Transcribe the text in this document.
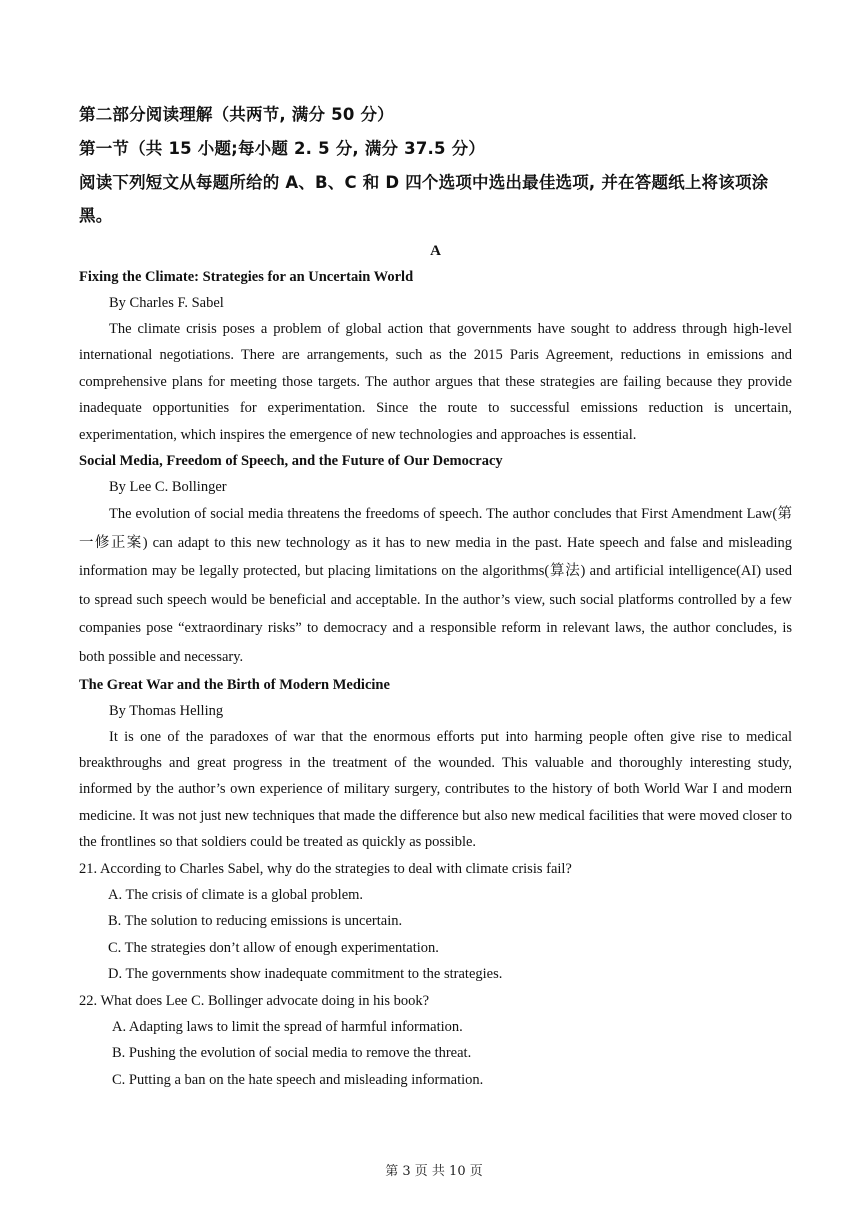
第二部分阅读理解（共两节, 满分 50 分）

第一节（共 15 小题;每小题 2. 5 分, 满分 37.5 分）

阅读下列短文从每题所给的 A、B、C 和 D 四个选项中选出最佳选项, 并在答题纸上将该项涂黑。

A

Fixing the Climate: Strategies for an Uncertain World

By Charles F. Sabel

The climate crisis poses a problem of global action that governments have sought to address through high-level international negotiations. There are arrangements, such as the 2015 Paris Agreement, reductions in emissions and comprehensive plans for meeting those targets. The author argues that these strategies are failing because they provide inadequate opportunities for experimentation. Since the route to successful emissions reduction is uncertain, experimentation, which inspires the emergence of new technologies and approaches is essential.

Social Media, Freedom of Speech, and the Future of Our Democracy

By Lee C. Bollinger

The evolution of social media threatens the freedoms of speech. The author concludes that First Amendment Law(第一修正案) can adapt to this new technology as it has to new media in the past. Hate speech and false and misleading information may be legally protected, but placing limitations on the algorithms(算法) and artificial intelligence(AI) used to spread such speech would be beneficial and acceptable. In the author’s view, such social platforms controlled by a few companies pose “extraordinary risks” to democracy and a responsible reform in relevant laws, the author concludes, is both possible and necessary.

The Great War and the Birth of Modern Medicine

By Thomas Helling

It is one of the paradoxes of war that the enormous efforts put into harming people often give rise to medical breakthroughs and great progress in the treatment of the wounded. This valuable and thoroughly interesting study, informed by the author’s own experience of military surgery, contributes to the history of both World War I and modern medicine. It was not just new techniques that made the difference but also new medical facilities that were moved closer to the frontlines so that soldiers could be treated as quickly as possible.

21. According to Charles Sabel, why do the strategies to deal with climate crisis fail?

A. The crisis of climate is a global problem.

B. The solution to reducing emissions is uncertain.

C. The strategies don’t allow of enough experimentation.

D. The governments show inadequate commitment to the strategies.

22. What does Lee C. Bollinger advocate doing in his book?

A. Adapting laws to limit the spread of harmful information.

B. Pushing the evolution of social media to remove the threat.

C. Putting a ban on the hate speech and misleading information.

第 3 页 共 10 页
